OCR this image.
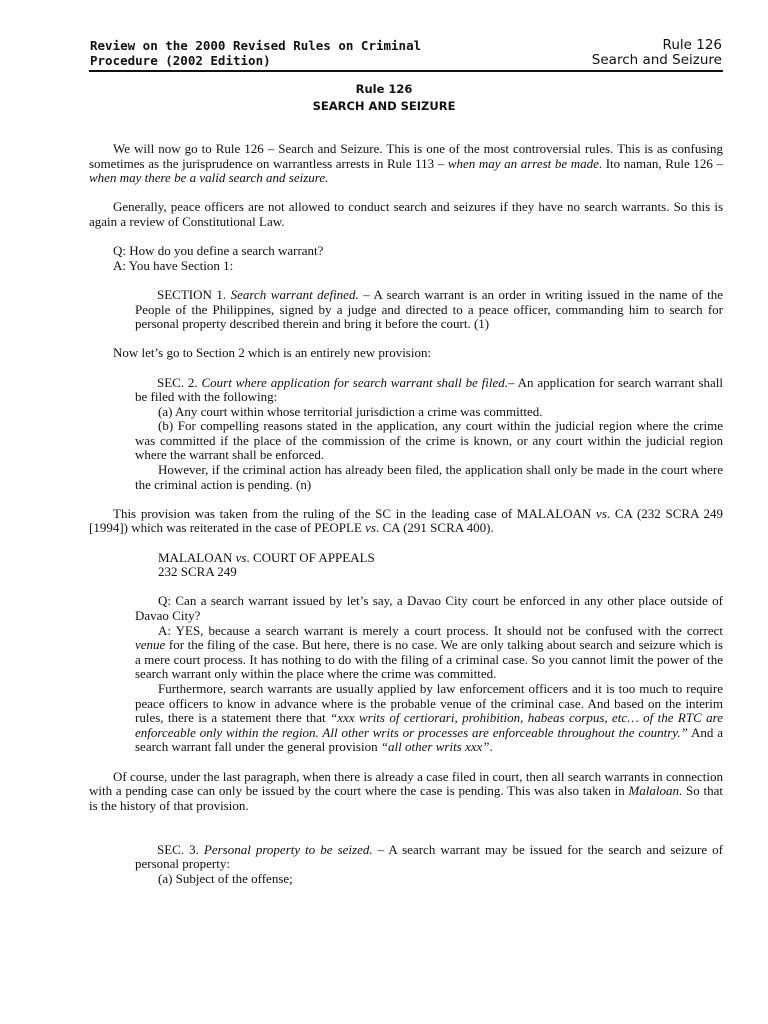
Review on the 2000 Revised Rules on Criminal
Procedure (2002 Edition)
Rule 126
Search and Seizure
Rule 126
SEARCH AND SEIZURE

We will now go to Rule 126 – Search and Seizure. This is one of the most controversial rules. This is as confusing sometimes as the jurisprudence on warrantless arrests in Rule 113 – when may an arrest be made. Ito naman, Rule 126 – when may there be a valid search and seizure.

Generally, peace officers are not allowed to conduct search and seizures if they have no search warrants. So this is again a review of Constitutional Law.

Q: How do you define a search warrant?

A: You have Section 1:

SECTION 1. Search warrant defined. – A search warrant is an order in writing issued in the name of the People of the Philippines, signed by a judge and directed to a peace officer, commanding him to search for personal property described therein and bring it before the court. (1)

Now let’s go to Section 2 which is an entirely new provision:

SEC. 2. Court where application for search warrant shall be filed.– An application for search warrant shall be filed with the following:

(a) Any court within whose territorial jurisdiction a crime was committed.

(b) For compelling reasons stated in the application, any court within the judicial region where the crime was committed if the place of the commission of the crime is known, or any court within the judicial region where the warrant shall be enforced.

However, if the criminal action has already been filed, the application shall only be made in the court where the criminal action is pending. (n)

This provision was taken from the ruling of the SC in the leading case of MALALOAN vs. CA (232 SCRA 249 [1994]) which was reiterated in the case of PEOPLE vs. CA (291 SCRA 400).

MALALOAN vs. COURT OF APPEALS

232 SCRA 249

Q: Can a search warrant issued by let’s say, a Davao City court be enforced in any other place outside of Davao City?

A: YES, because a search warrant is merely a court process. It should not be confused with the correct venue for the filing of the case. But here, there is no case. We are only talking about search and seizure which is a mere court process. It has nothing to do with the filing of a criminal case. So you cannot limit the power of the search warrant only within the place where the crime was committed.

Furthermore, search warrants are usually applied by law enforcement officers and it is too much to require peace officers to know in advance where is the probable venue of the criminal case. And based on the interim rules, there is a statement there that “xxx writs of certiorari, prohibition, habeas corpus, etc… of the RTC are enforceable only within the region. All other writs or processes are enforceable throughout the country.” And a search warrant fall under the general provision “all other writs xxx”.

Of course, under the last paragraph, when there is already a case filed in court, then all search warrants in connection with a pending case can only be issued by the court where the case is pending. This was also taken in Malaloan. So that is the history of that provision.

SEC. 3. Personal property to be seized. – A search warrant may be issued for the search and seizure of personal property:

(a) Subject of the offense;
